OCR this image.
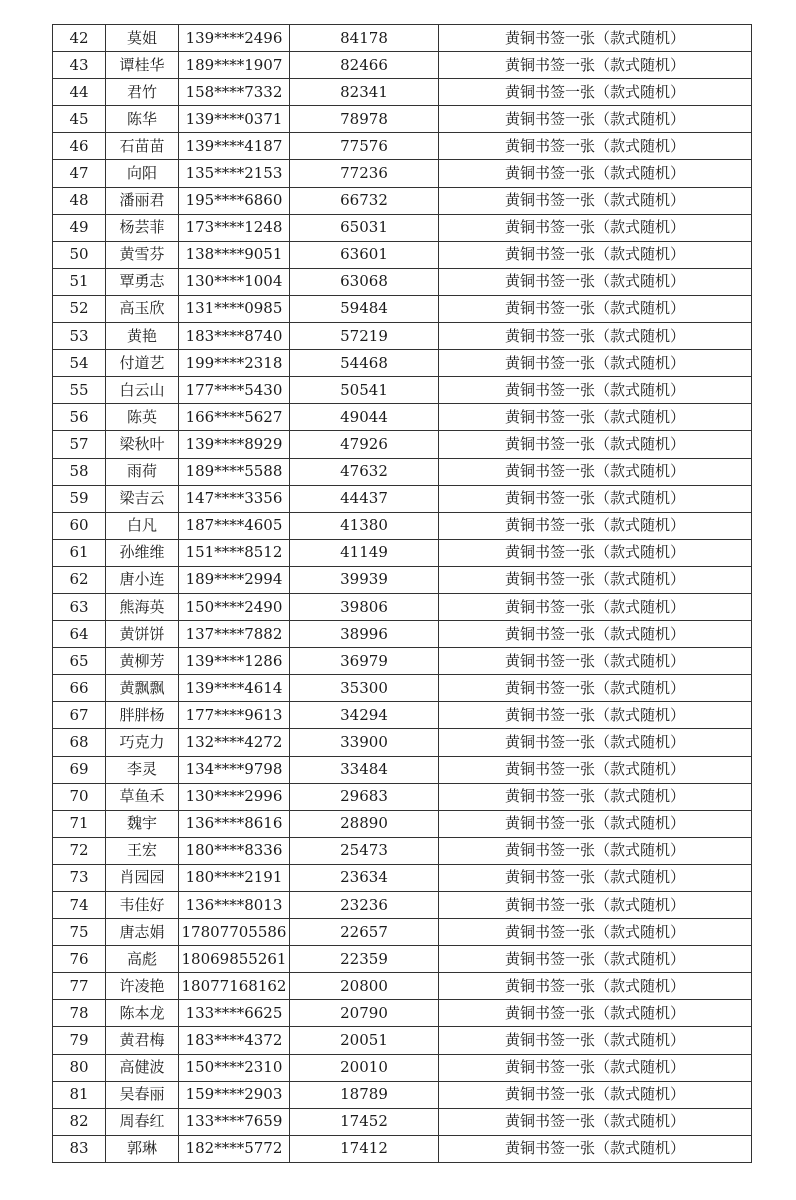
42	莫姐	139****2496	84178	黄铜书签一张（款式随机）
43	谭桂华	189****1907	82466	黄铜书签一张（款式随机）
44	君竹	158****7332	82341	黄铜书签一张（款式随机）
45	陈华	139****0371	78978	黄铜书签一张（款式随机）
46	石苗苗	139****4187	77576	黄铜书签一张（款式随机）
47	向阳	135****2153	77236	黄铜书签一张（款式随机）
48	潘丽君	195****6860	66732	黄铜书签一张（款式随机）
49	杨芸菲	173****1248	65031	黄铜书签一张（款式随机）
50	黄雪芬	138****9051	63601	黄铜书签一张（款式随机）
51	覃勇志	130****1004	63068	黄铜书签一张（款式随机）
52	高玉欣	131****0985	59484	黄铜书签一张（款式随机）
53	黄艳	183****8740	57219	黄铜书签一张（款式随机）
54	付道艺	199****2318	54468	黄铜书签一张（款式随机）
55	白云山	177****5430	50541	黄铜书签一张（款式随机）
56	陈英	166****5627	49044	黄铜书签一张（款式随机）
57	梁秋叶	139****8929	47926	黄铜书签一张（款式随机）
58	雨荷	189****5588	47632	黄铜书签一张（款式随机）
59	梁吉云	147****3356	44437	黄铜书签一张（款式随机）
60	白凡	187****4605	41380	黄铜书签一张（款式随机）
61	孙维维	151****8512	41149	黄铜书签一张（款式随机）
62	唐小连	189****2994	39939	黄铜书签一张（款式随机）
63	熊海英	150****2490	39806	黄铜书签一张（款式随机）
64	黄饼饼	137****7882	38996	黄铜书签一张（款式随机）
65	黄柳芳	139****1286	36979	黄铜书签一张（款式随机）
66	黄飘飘	139****4614	35300	黄铜书签一张（款式随机）
67	胖胖杨	177****9613	34294	黄铜书签一张（款式随机）
68	巧克力	132****4272	33900	黄铜书签一张（款式随机）
69	李灵	134****9798	33484	黄铜书签一张（款式随机）
70	草鱼禾	130****2996	29683	黄铜书签一张（款式随机）
71	魏宇	136****8616	28890	黄铜书签一张（款式随机）
72	王宏	180****8336	25473	黄铜书签一张（款式随机）
73	肖园园	180****2191	23634	黄铜书签一张（款式随机）
74	韦佳好	136****8013	23236	黄铜书签一张（款式随机）
75	唐志娟	17807705586	22657	黄铜书签一张（款式随机）
76	高彪	18069855261	22359	黄铜书签一张（款式随机）
77	许凌艳	18077168162	20800	黄铜书签一张（款式随机）
78	陈本龙	133****6625	20790	黄铜书签一张（款式随机）
79	黄君梅	183****4372	20051	黄铜书签一张（款式随机）
80	高健波	150****2310	20010	黄铜书签一张（款式随机）
81	吴春丽	159****2903	18789	黄铜书签一张（款式随机）
82	周春红	133****7659	17452	黄铜书签一张（款式随机）
83	郭琳	182****5772	17412	黄铜书签一张（款式随机）
